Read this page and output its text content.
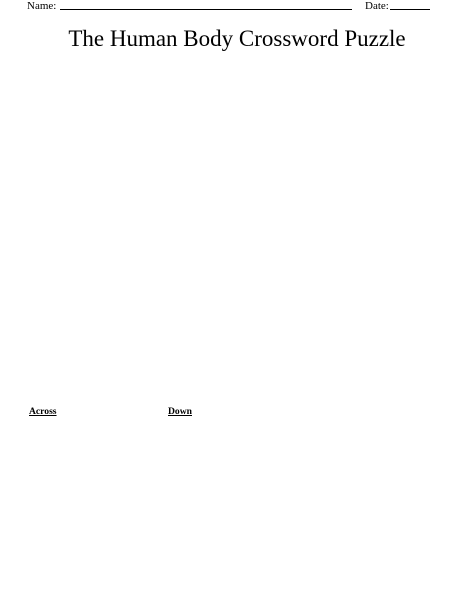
Name:	Date:
The Human Body Crossword Puzzle
Across	Down
